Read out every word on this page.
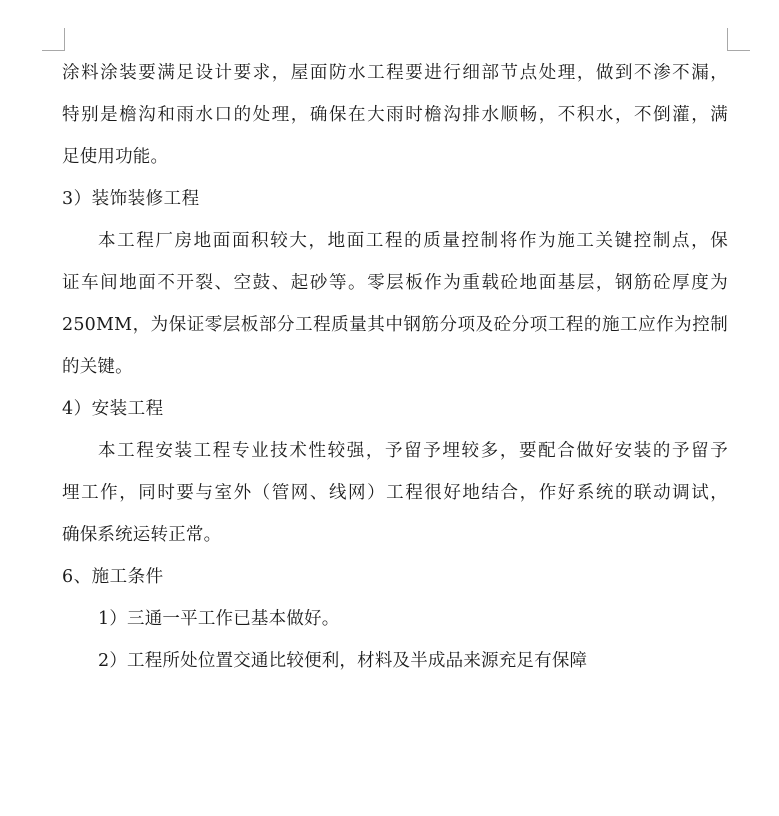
涂料涂装要满足设计要求，屋面防水工程要进行细部节点处理，做到不渗不漏，
特别是檐沟和雨水口的处理，确保在大雨时檐沟排水顺畅，不积水，不倒灌，满
足使用功能。
3）装饰装修工程
本工程厂房地面面积较大，地面工程的质量控制将作为施工关键控制点，保
证车间地面不开裂、空鼓、起砂等。零层板作为重载砼地面基层，钢筋砼厚度为
250MM，为保证零层板部分工程质量其中钢筋分项及砼分项工程的施工应作为控制
的关键。
4）安装工程
本工程安装工程专业技术性较强，予留予埋较多，要配合做好安装的予留予
埋工作，同时要与室外（管网、线网）工程很好地结合，作好系统的联动调试，
确保系统运转正常。
6、施工条件
1）三通一平工作已基本做好。
2）工程所处位置交通比较便利，材料及半成品来源充足有保障
